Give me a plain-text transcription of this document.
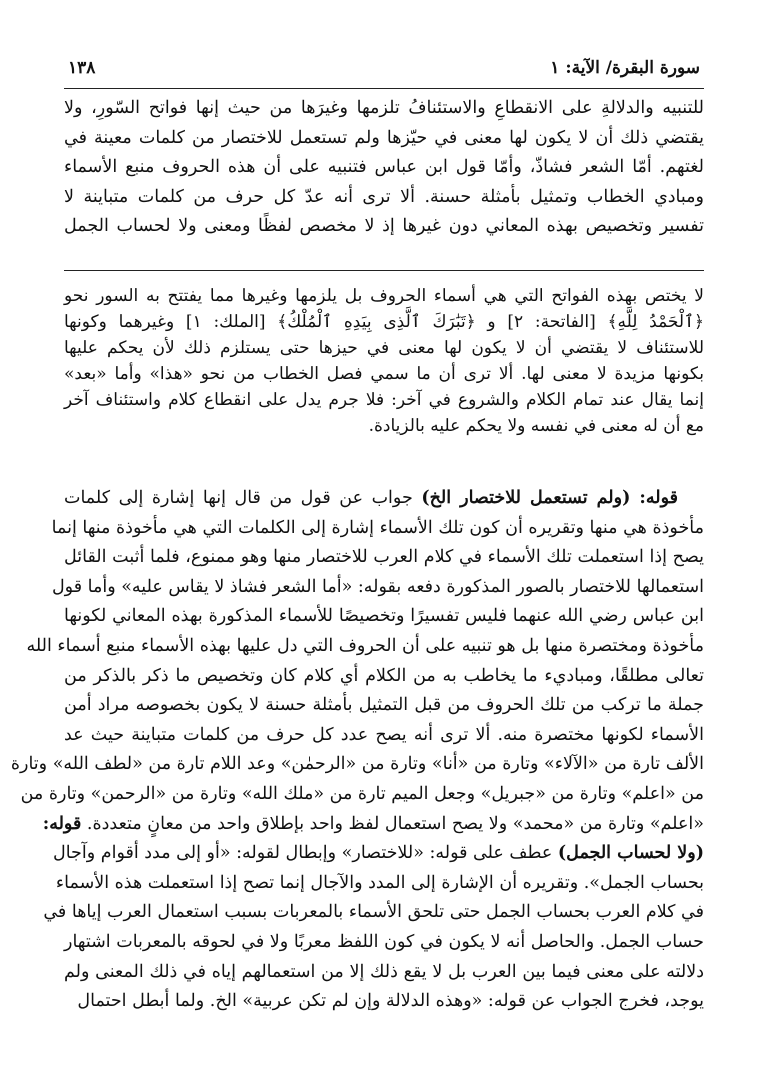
سورة البقرة/ الآية: ١
١٣٨
للتنبيه والدلالةِ على الانقطاعِ والاستئنافُ تلزمها وغيرَها من حيث إنها فواتح السّورِ، ولا
يقتضي ذلك أن لا يكون لها معنى في حيّزها ولم تستعمل للاختصار من كلمات معينة في
لغتهم. أمّا الشعر فشاذّ، وأمّا قول ابن عباس فتنبيه على أن هذه الحروف منبع الأسماء
ومبادي الخطاب وتمثيل بأمثلة حسنة. ألا ترى أنه عدّ كل حرف من كلمات متباينة لا
تفسير وتخصيص بهذه المعاني دون غيرها إذ لا مخصص لفظًا ومعنى ولا لحساب الجمل
لا يختص بهذه الفواتح التي هي أسماء الحروف بل يلزمها وغيرها مما يفتتح به السور نحو
﴿ٱلْحَمْدُ لِلَّهِ﴾ [الفاتحة: ٢] و ﴿تَبَٰرَكَ ٱلَّذِى بِيَدِهِ ٱلْمُلْكُ﴾ [الملك: ١] وغيرهما وكونها
للاستئناف لا يقتضي أن لا يكون لها معنى في حيزها حتى يستلزم ذلك لأن يحكم عليها
بكونها مزيدة لا معنى لها. ألا ترى أن ما سمي فصل الخطاب من نحو «هذا» وأما «بعد»
إنما يقال عند تمام الكلام والشروع في آخر: فلا جرم يدل على انقطاع كلام واستئناف آخر
مع أن له معنى في نفسه ولا يحكم عليه بالزيادة.
قوله: (ولم تستعمل للاختصار الخ) جواب عن قول من قال إنها إشارة إلى كلمات
مأخوذة هي منها وتقريره أن كون تلك الأسماء إشارة إلى الكلمات التي هي مأخوذة منها إنما
يصح إذا استعملت تلك الأسماء في كلام العرب للاختصار منها وهو ممنوع، فلما أثبت القائل
استعمالها للاختصار بالصور المذكورة دفعه بقوله: «أما الشعر فشاذ لا يقاس عليه» وأما قول
ابن عباس رضي الله عنهما فليس تفسيرًا وتخصيصًا للأسماء المذكورة بهذه المعاني لكونها
مأخوذة ومختصرة منها بل هو تنبيه على أن الحروف التي دل عليها بهذه الأسماء منبع أسماء الله
تعالى مطلقًا، ومباديء ما يخاطب به من الكلام أي كلام كان وتخصيص ما ذكر بالذكر من
جملة ما تركب من تلك الحروف من قبل التمثيل بأمثلة حسنة لا يكون بخصوصه مراد أمن
الأسماء لكونها مختصرة منه. ألا ترى أنه يصح عدد كل حرف من كلمات متباينة حيث عد
الألف تارة من «الآلاء» وتارة من «أنا» وتارة من «الرحمٰن» وعد اللام تارة من «لطف الله» وتارة
من «اعلم» وتارة من «جبريل» وجعل الميم تارة من «ملك الله» وتارة من «الرحمن» وتارة من
«اعلم» وتارة من «محمد» ولا يصح استعمال لفظ واحد بإطلاق واحد من معانٍ متعددة. قوله:
(ولا لحساب الجمل) عطف على قوله: «للاختصار» وإبطال لقوله: «أو إلى مدد أقوام وآجال
بحساب الجمل». وتقريره أن الإشارة إلى المدد والآجال إنما تصح إذا استعملت هذه الأسماء
في كلام العرب بحساب الجمل حتى تلحق الأسماء بالمعربات بسبب استعمال العرب إياها في
حساب الجمل. والحاصل أنه لا يكون في كون اللفظ معربًا ولا في لحوقه بالمعربات اشتهار
دلالته على معنى فيما بين العرب بل لا يقع ذلك إلا من استعمالهم إياه في ذلك المعنى ولم
يوجد، فخرج الجواب عن قوله: «وهذه الدلالة وإن لم تكن عربية» الخ. ولما أبطل احتمال
